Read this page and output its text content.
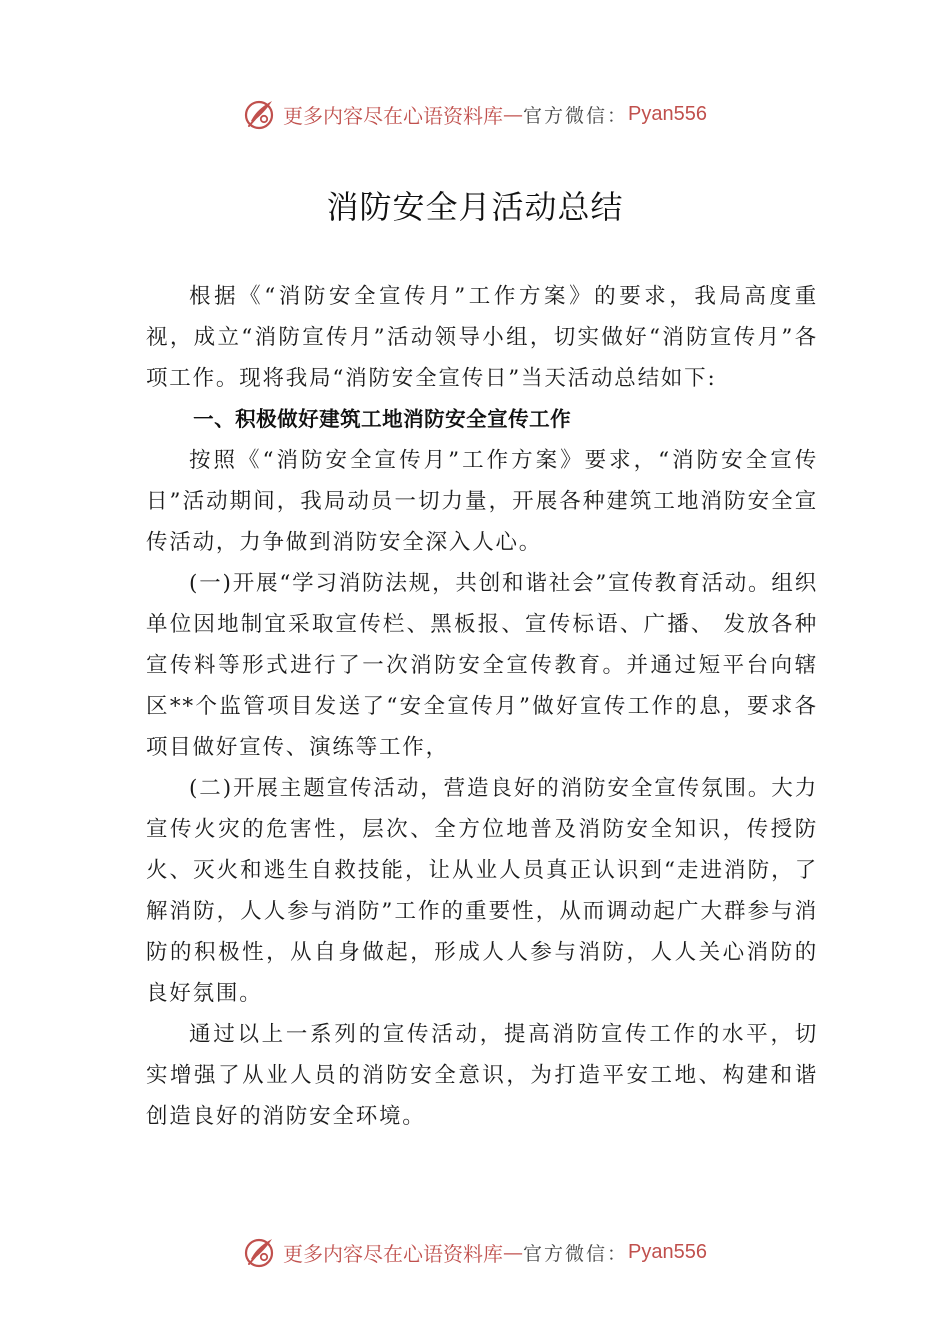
更多内容尽在心语资料库 — 官方微信： Pyan556
消防安全月活动总结

根据《“消防安全宣传月”工作方案》的要求，我局高度重视，成立“消防宣传月”活动领导小组，切实做好“消防宣传月”各项工作。现将我局“消防安全宣传日”当天活动总结如下:

一、积极做好建筑工地消防安全宣传工作

按照《“消防安全宣传月”工作方案》要求，“消防安全宣传日”活动期间，我局动员一切力量，开展各种建筑工地消防安全宣传活动，力争做到消防安全深入人心。

(一)开展“学习消防法规，共创和谐社会”宣传教育活动。组织单位因地制宜采取宣传栏、黑板报、宣传标语、广播、 发放各种宣传料等形式进行了一次消防安全宣传教育。并通过短平台向辖区**个监管项目发送了“安全宣传月”做好宣传工作的息，要求各项目做好宣传、演练等工作，

(二)开展主题宣传活动，营造良好的消防安全宣传氛围。大力宣传火灾的危害性，层次、全方位地普及消防安全知识，传授防火、灭火和逃生自救技能，让从业人员真正认识到“走进消防，了解消防，人人参与消防”工作的重要性，从而调动起广大群参与消防的积极性，从自身做起，形成人人参与消防，人人关心消防的良好氛围。

通过以上一系列的宣传活动，提高消防宣传工作的水平，切实增强了从业人员的消防安全意识，为打造平安工地、构建和谐创造良好的消防安全环境。

更多内容尽在心语资料库 — 官方微信： Pyan556
